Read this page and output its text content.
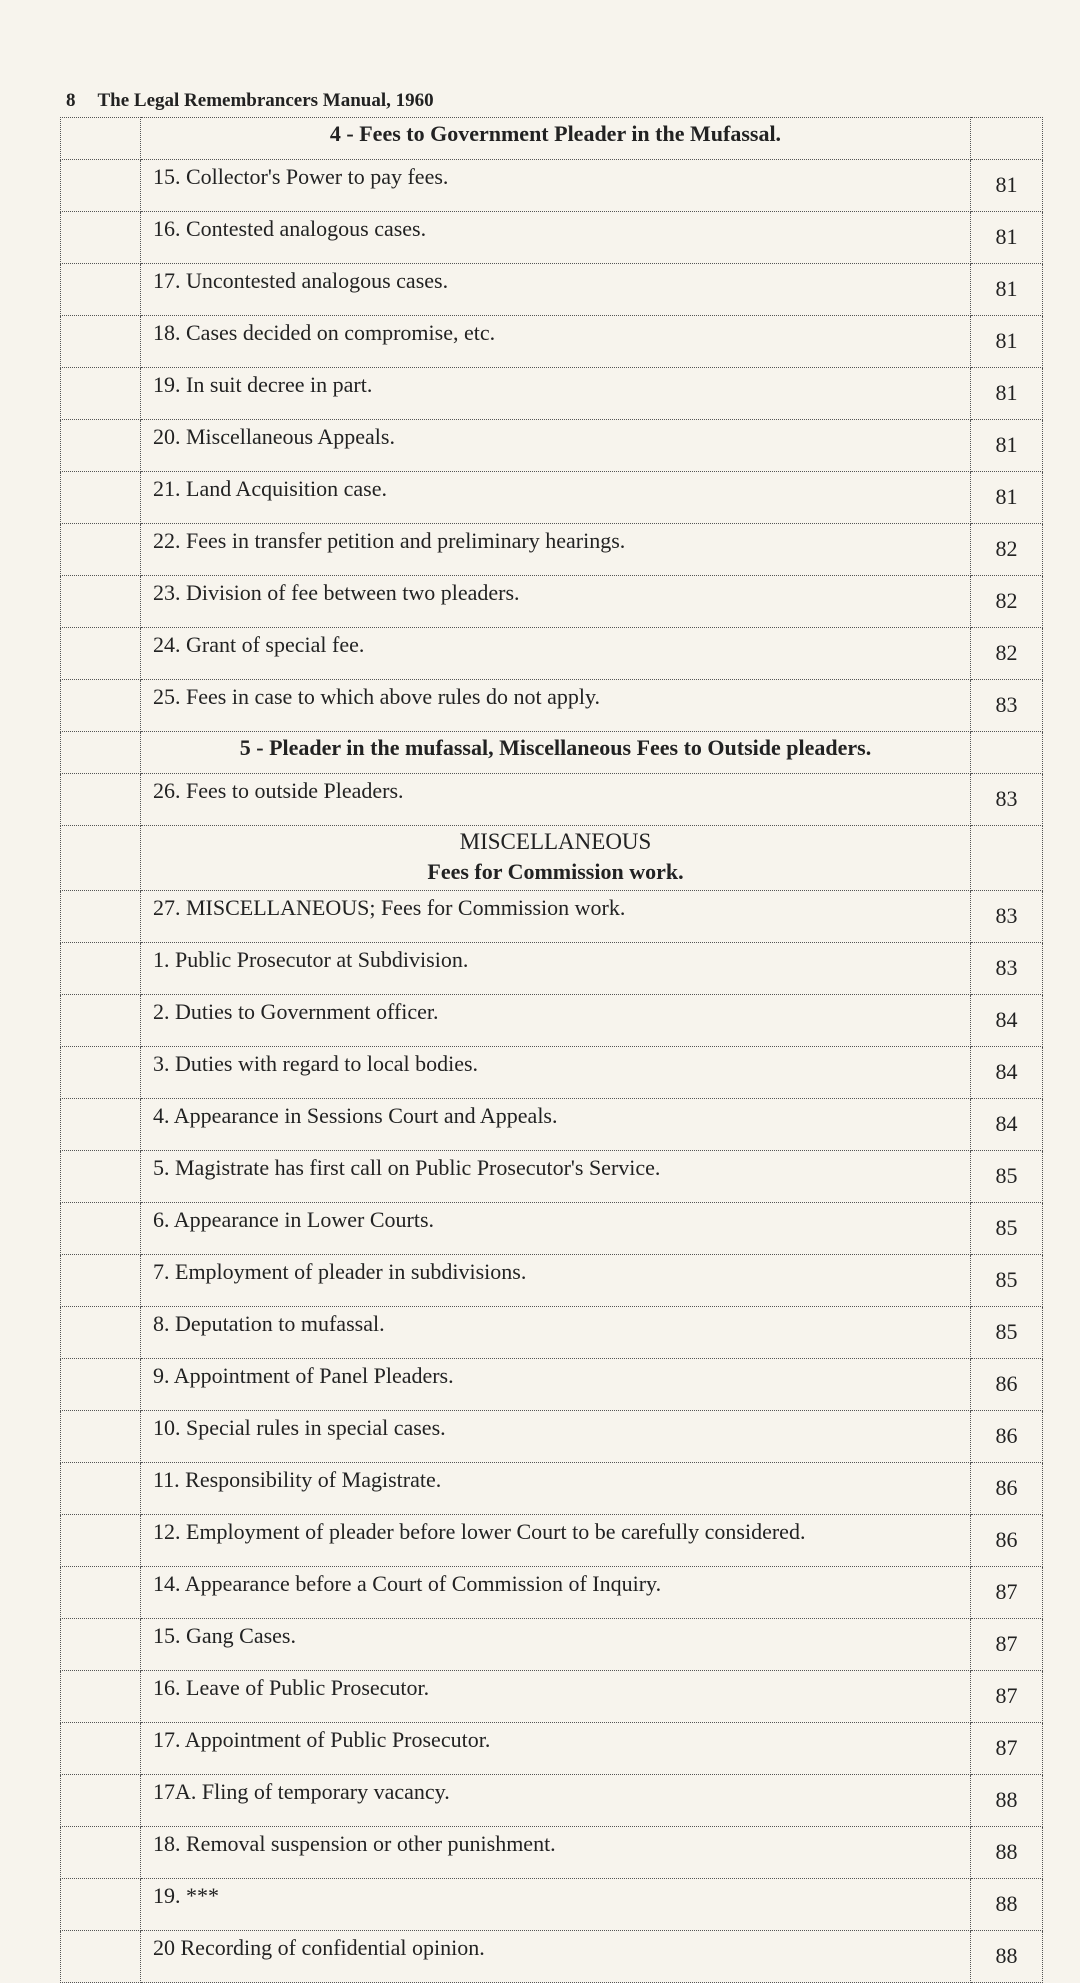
8 The Legal Remembrancers Manual, 1960
	4 - Fees to Government Pleader in the Mufassal.	
	15. Collector's Power to pay fees.	81
	16. Contested analogous cases.	81
	17. Uncontested analogous cases.	81
	18. Cases decided on compromise, etc.	81
	19. In suit decree in part.	81
	20. Miscellaneous Appeals.	81
	21. Land Acquisition case.	81
	22. Fees in transfer petition and preliminary hearings.	82
	23. Division of fee between two pleaders.	82
	24. Grant of special fee.	82
	25. Fees in case to which above rules do not apply.	83
	5 - Pleader in the mufassal, Miscellaneous Fees to Outside pleaders.	
	26. Fees to outside Pleaders.	83

	MISCELLANEOUS
Fees for Commission work.	

	27. MISCELLANEOUS; Fees for Commission work.	83
	1. Public Prosecutor at Subdivision.	83
	2. Duties to Government officer.	84
	3. Duties with regard to local bodies.	84
	4. Appearance in Sessions Court and Appeals.	84
	5. Magistrate has first call on Public Prosecutor's Service.	85
	6. Appearance in Lower Courts.	85
	7. Employment of pleader in subdivisions.	85
	8. Deputation to mufassal.	85
	9. Appointment of Panel Pleaders.	86
	10. Special rules in special cases.	86
	11. Responsibility of Magistrate.	86
	12. Employment of pleader before lower Court to be carefully considered.	86
	14. Appearance before a Court of Commission of Inquiry.	87
	15. Gang Cases.	87
	16. Leave of Public Prosecutor.	87
	17. Appointment of Public Prosecutor.	87
	17A. Fling of temporary vacancy.	88
	18. Removal suspension or other punishment.	88
	19. ***	88
	20 Recording of confidential opinion.	88
